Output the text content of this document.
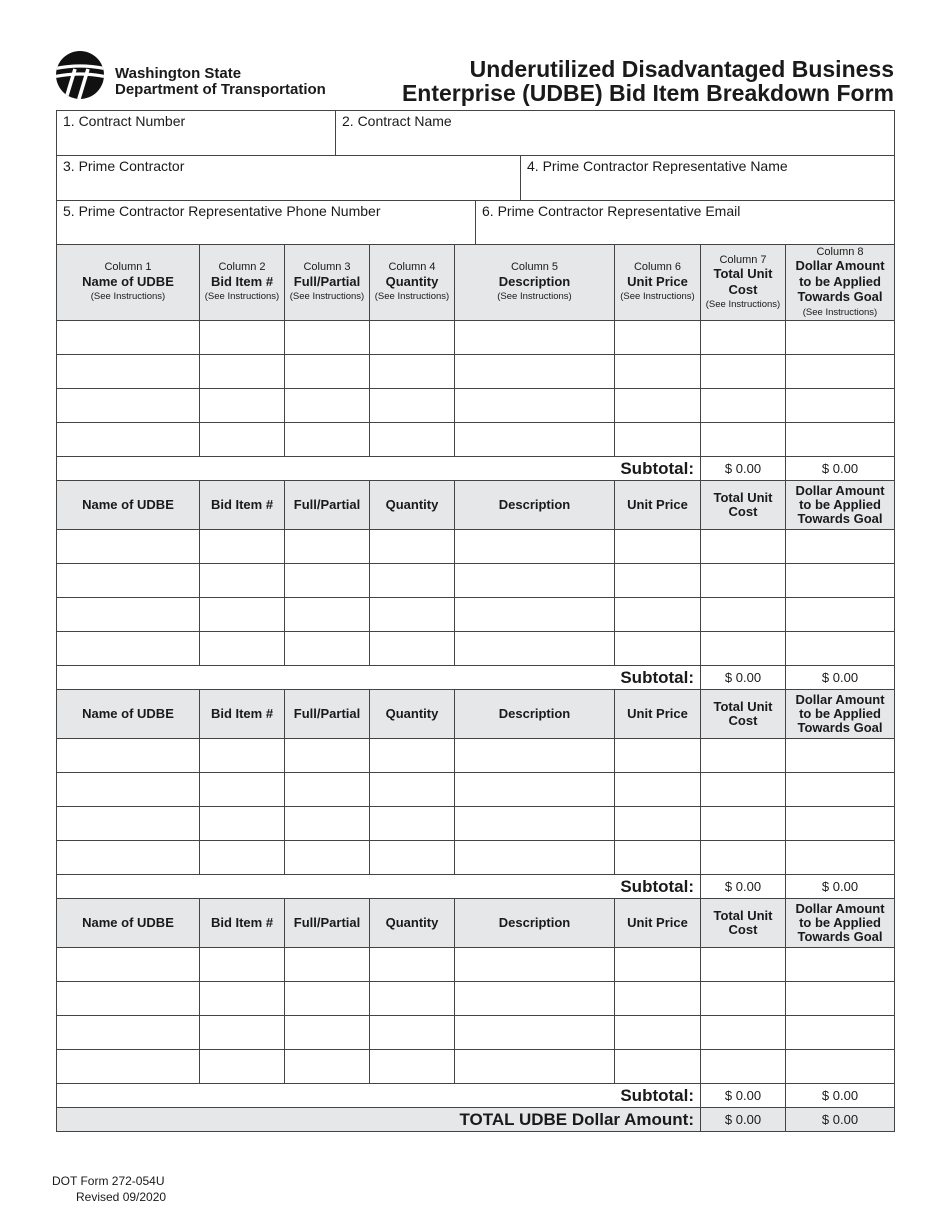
Washington State
Department of Transportation
Underutilized Disadvantaged Business
Enterprise (UDBE) Bid Item Breakdown Form
1. Contract Number	2. Contract Name		
3. Prime Contractor			4. Prime Contractor Representative Name
5. Prime Contractor Representative Phone Number		6. Prime Contractor Representative Email	
Column 1
Name of UDBE
(See Instructions)	Column 2
Bid Item #
(See Instructions)	Column 3
Full/Partial
(See Instructions)	Column 4
Quantity
(See Instructions)	Column 5
Description
(See Instructions)	Column 6
Unit Price
(See Instructions)	Column 7
Total Unit
Cost
(See Instructions)	Column 8
Dollar Amount
to be Applied
Towards Goal
(See Instructions)

Subtotal:						$ 0.00	$ 0.00
Name of UDBE	Bid Item #	Full/Partial	Quantity	Description	Unit Price	Total Unit
Cost	Dollar Amount
to be Applied
Towards Goal

Subtotal:						$ 0.00	$ 0.00
Name of UDBE	Bid Item #	Full/Partial	Quantity	Description	Unit Price	Total Unit
Cost	Dollar Amount
to be Applied
Towards Goal

Subtotal:						$ 0.00	$ 0.00
Name of UDBE	Bid Item #	Full/Partial	Quantity	Description	Unit Price	Total Unit
Cost	Dollar Amount
to be Applied
Towards Goal

Subtotal:						$ 0.00	$ 0.00
TOTAL UDBE Dollar Amount:						$ 0.00	$ 0.00
DOT Form 272-054U
Revised 09/2020
